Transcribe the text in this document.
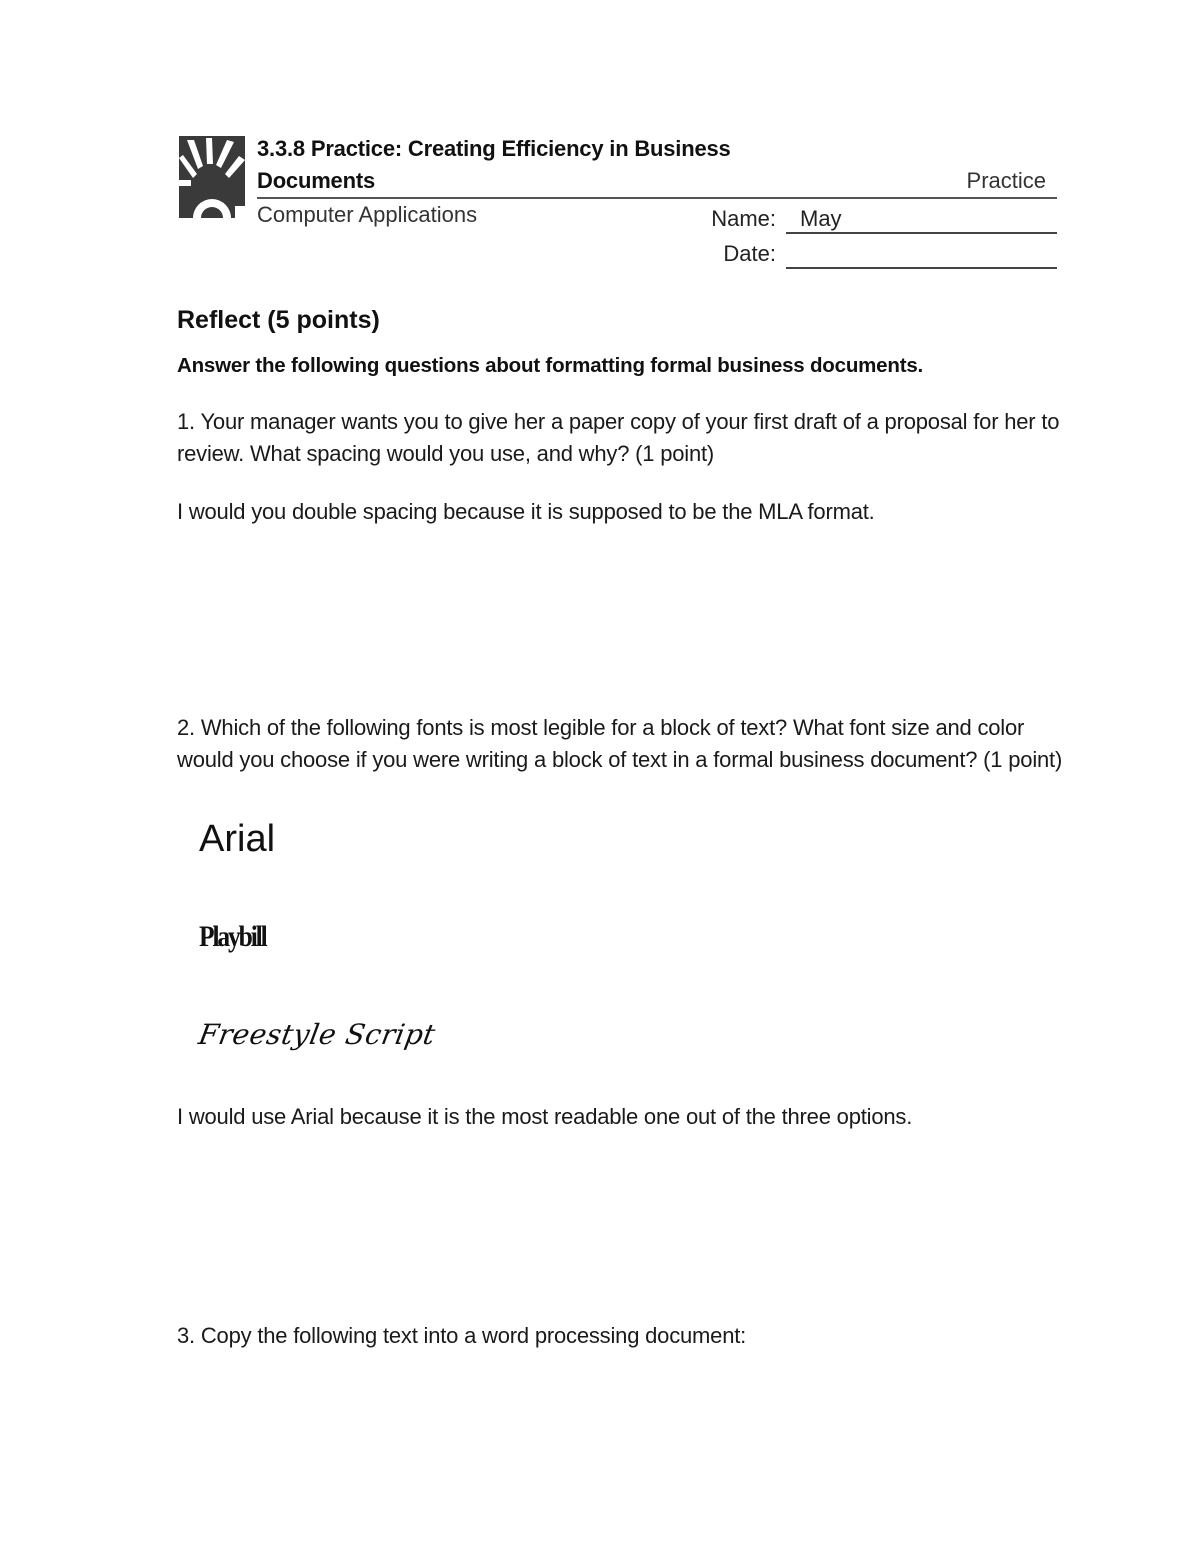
3.3.8 Practice: Creating Efficiency in Business
Documents	Practice
Computer Applications	Name: May
Date:
Reflect (5 points)
Answer the following questions about formatting formal business documents.
1. Your manager wants you to give her a paper copy of your first draft of a proposal for her to review. What spacing would you use, and why? (1 point)
I would you double spacing because it is supposed to be the MLA format.
2. Which of the following fonts is most legible for a block of text? What font size and color would you choose if you were writing a block of text in a formal business document? (1 point)
Arial
Playbill
Freestyle Script
I would use Arial because it is the most readable one out of the three options.
3. Copy the following text into a word processing document:
